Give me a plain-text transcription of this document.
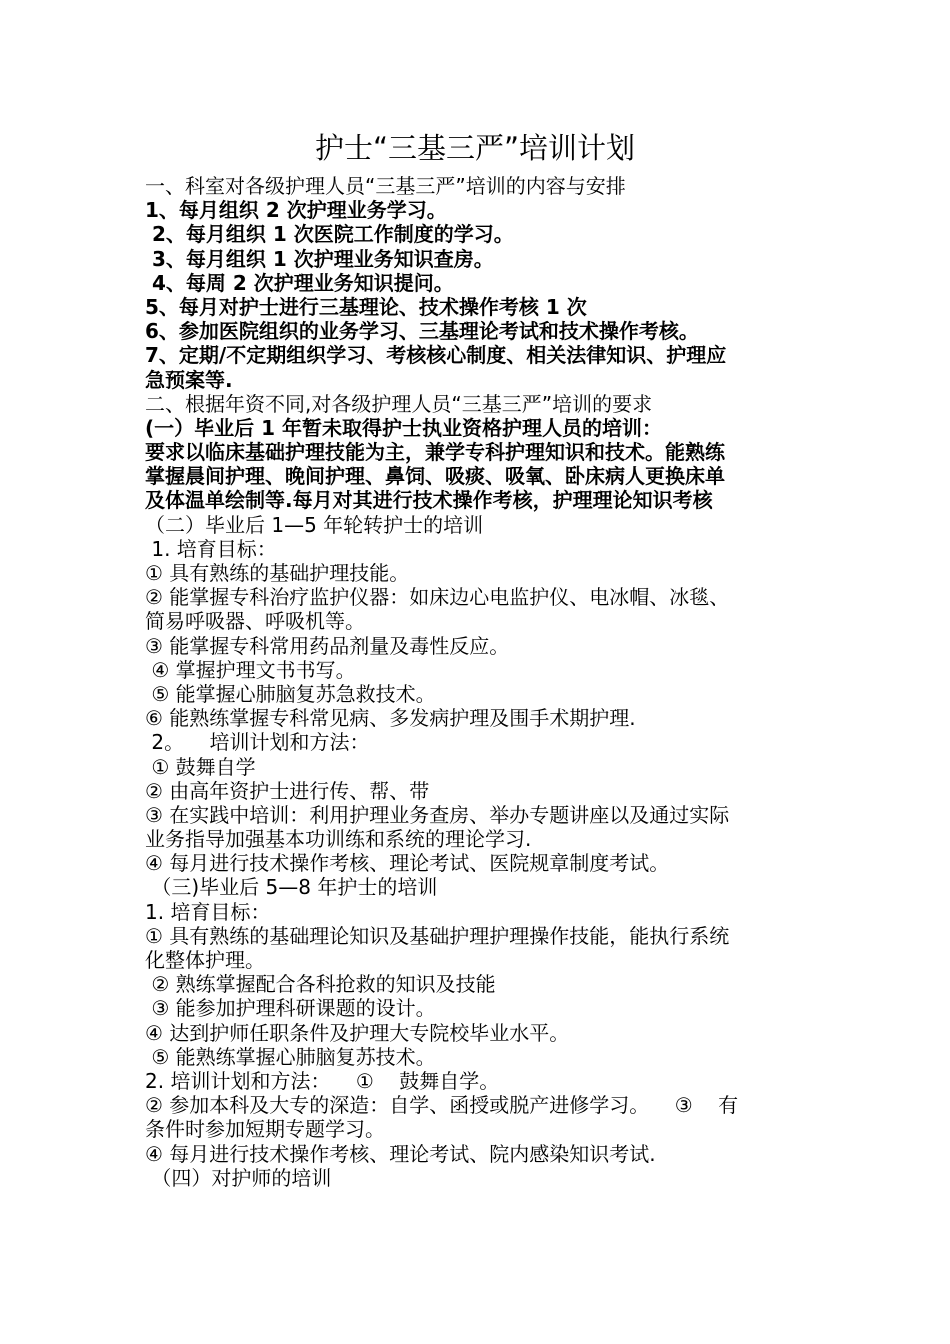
护士“三基三严”培训计划
一、科室对各级护理人员“三基三严”培训的内容与安排
1、每月组织 2 次护理业务学习。
2、每月组织 1 次医院工作制度的学习。
3、每月组织 1 次护理业务知识查房。
4、每周 2 次护理业务知识提问。
5、每月对护士进行三基理论、技术操作考核 1 次
6、参加医院组织的业务学习、三基理论考试和技术操作考核。
7、定期/不定期组织学习、考核核心制度、相关法律知识、护理应
急预案等.
二、根据年资不同,对各级护理人员“三基三严”培训的要求
(一）毕业后 1 年暂未取得护士执业资格护理人员的培训：
要求以临床基础护理技能为主，兼学专科护理知识和技术。能熟练
掌握晨间护理、晚间护理、鼻饲、吸痰、吸氧、卧床病人更换床单
及体温单绘制等.每月对其进行技术操作考核，护理理论知识考核
（二）毕业后 1—5 年轮转护士的培训
1. 培育目标：
① 具有熟练的基础护理技能。
② 能掌握专科治疗监护仪器：如床边心电监护仪、电冰帽、冰毯、
简易呼吸器、呼吸机等。
③ 能掌握专科常用药品剂量及毒性反应。
④ 掌握护理文书书写。
⑤ 能掌握心肺脑复苏急救技术。
⑥ 能熟练掌握专科常见病、多发病护理及围手术期护理.
2。    培训计划和方法：
① 鼓舞自学
② 由高年资护士进行传、帮、带
③ 在实践中培训：利用护理业务查房、举办专题讲座以及通过实际
业务指导加强基本功训练和系统的理论学习.
④ 每月进行技术操作考核、理论考试、医院规章制度考试。
（三)毕业后 5—8 年护士的培训
1. 培育目标：
① 具有熟练的基础理论知识及基础护理护理操作技能，能执行系统
化整体护理。
② 熟练掌握配合各科抢救的知识及技能
③ 能参加护理科研课题的设计。
④ 达到护师任职条件及护理大专院校毕业水平。
⑤ 能熟练掌握心肺脑复苏技术。
2. 培训计划和方法：    ①    鼓舞自学。
② 参加本科及大专的深造：自学、函授或脱产进修学习。    ③    有
条件时参加短期专题学习。
④ 每月进行技术操作考核、理论考试、院内感染知识考试.
（四）对护师的培训
